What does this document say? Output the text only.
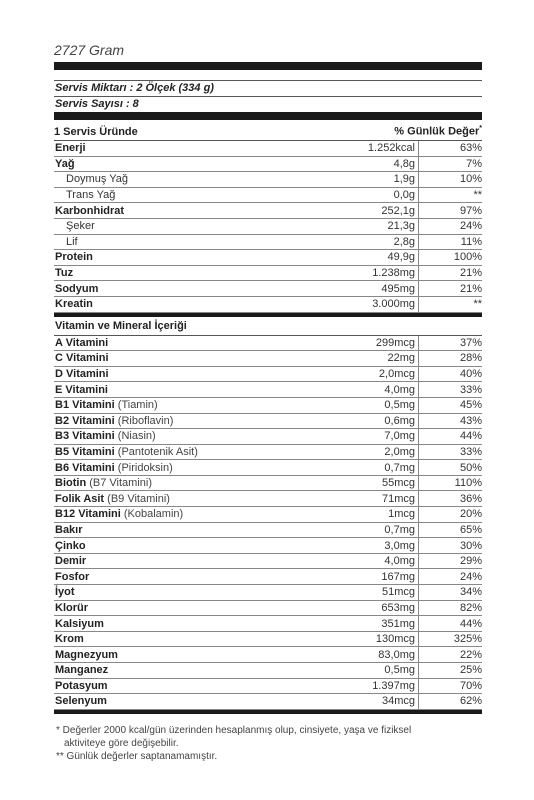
2727 Gram
Servis Miktarı : 2 Ölçek (334 g)
Servis Sayısı : 8
1 Servis Üründe	% Günlük Değer*
Enerji	1.252kcal	63%
Yağ	4,8g	7%
Doymuş Yağ	1,9g	10%
Trans Yağ	0,0g	**
Karbonhidrat	252,1g	97%
Şeker	21,3g	24%
Lif	2,8g	11%
Protein	49,9g	100%
Tuz	1.238mg	21%
Sodyum	495mg	21%
Kreatin	3.000mg	**
Vitamin ve Mineral İçeriği
A Vitamini	299mcg	37%
C Vitamini	22mg	28%
D Vitamini	2,0mcg	40%
E Vitamini	4,0mg	33%
B1 Vitamini (Tiamin)	0,5mg	45%
B2 Vitamini (Riboflavin)	0,6mg	43%
B3 Vitamini (Niasin)	7,0mg	44%
B5 Vitamini (Pantotenik Asit)	2,0mg	33%
B6 Vitamini (Piridoksin)	0,7mg	50%
Biotin (B7 Vitamini)	55mcg	110%
Folik Asit (B9 Vitamini)	71mcg	36%
B12 Vitamini (Kobalamin)	1mcg	20%
Bakır	0,7mg	65%
Çinko	3,0mg	30%
Demir	4,0mg	29%
Fosfor	167mg	24%
İyot	51mcg	34%
Klorür	653mg	82%
Kalsiyum	351mg	44%
Krom	130mcg	325%
Magnezyum	83,0mg	22%
Manganez	0,5mg	25%
Potasyum	1.397mg	70%
Selenyum	34mcg	62%
* Değerler 2000 kcal/gün üzerinden hesaplanmış olup, cinsiyete, yaşa ve fiziksel
aktiviteye göre değişebilir.
** Günlük değerler saptanamamıştır.
